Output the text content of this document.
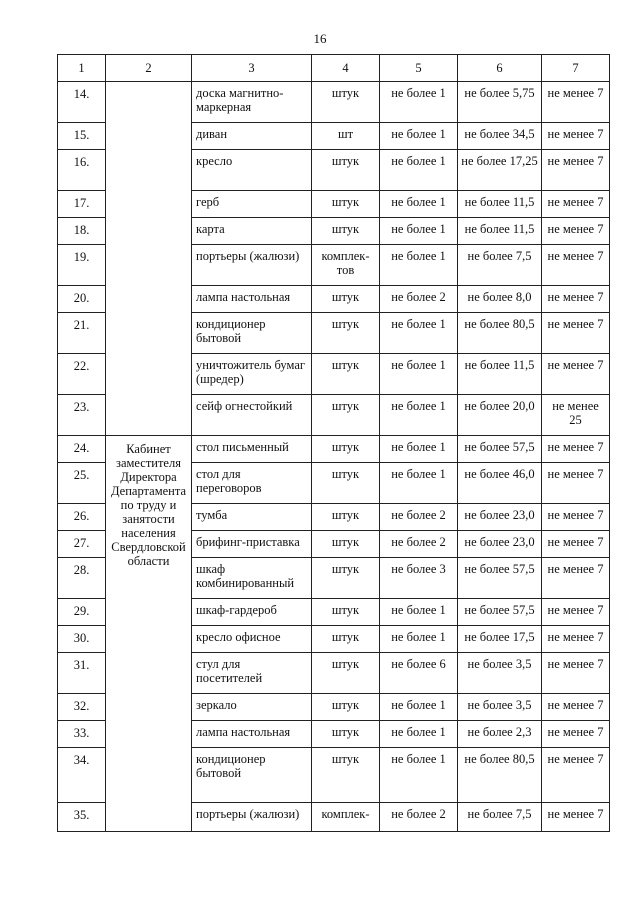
16
1	2	3	4	5	6	7
14.		доска магнитно-маркерная	штук	не более 1	не более 5,75	не менее 7
15.		диван	шт	не более 1	не более 34,5	не менее 7
16.		кресло	штук	не более 1	не более 17,25	не менее 7
17.		герб	штук	не более 1	не более 11,5	не менее 7
18.		карта	штук	не более 1	не более 11,5	не менее 7
19.		портьеры (жалюзи)	комплек-тов	не более 1	не более 7,5	не менее 7
20.		лампа настольная	штук	не более 2	не более 8,0	не менее 7
21.		кондиционер бытовой	штук	не более 1	не более 80,5	не менее 7
22.		уничтожитель бумаг (шредер)	штук	не более 1	не более 11,5	не менее 7
23.		сейф огнестойкий	штук	не более 1	не более 20,0	не менее 25
24.	Кабинет заместителя Директора Департамента по труду и занятости населения Свердловской области	стол письменный	штук	не более 1	не более 57,5	не менее 7
25.		стол для переговоров	штук	не более 1	не более 46,0	не менее 7
26.		тумба	штук	не более 2	не более 23,0	не менее 7
27.		брифинг-приставка	штук	не более 2	не более 23,0	не менее 7
28.		шкаф комбинированный	штук	не более 3	не более 57,5	не менее 7
29.		шкаф-гардероб	штук	не более 1	не более 57,5	не менее 7
30.		кресло офисное	штук	не более 1	не более 17,5	не менее 7
31.		стул для посетителей	штук	не более 6	не более 3,5	не менее 7
32.		зеркало	штук	не более 1	не более 3,5	не менее 7
33.		лампа настольная	штук	не более 1	не более 2,3	не менее 7
34.		кондиционер бытовой	штук	не более 1	не более 80,5	не менее 7
35.		портьеры (жалюзи)	комплек-	не более 2	не более 7,5	не менее 7
